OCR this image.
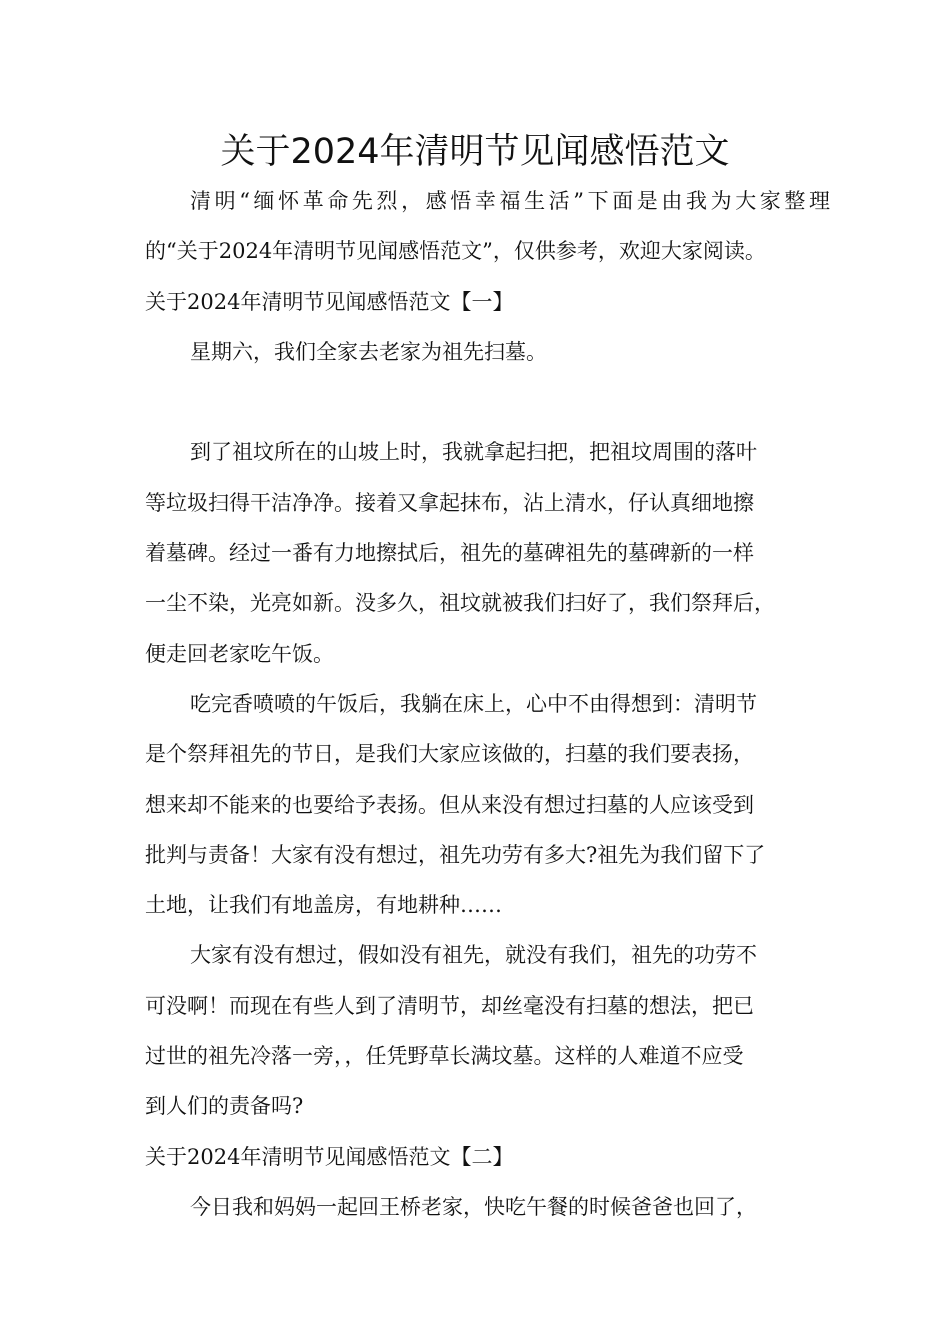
关于2024年清明节见闻感悟范文
清明“缅怀革命先烈，感悟幸福生活”下面是由我为大家整理
的“关于2024年清明节见闻感悟范文”，仅供参考，欢迎大家阅读。
关于2024年清明节见闻感悟范文【一】
星期六，我们全家去老家为祖先扫墓。
到了祖坟所在的山坡上时，我就拿起扫把，把祖坟周围的落叶
等垃圾扫得干洁净净。接着又拿起抹布，沾上清水，仔认真细地擦
着墓碑。经过一番有力地擦拭后，祖先的墓碑祖先的墓碑新的一样
一尘不染，光亮如新。没多久，祖坟就被我们扫好了，我们祭拜后，
便走回老家吃午饭。
吃完香喷喷的午饭后，我躺在床上，心中不由得想到：清明节
是个祭拜祖先的节日，是我们大家应该做的，扫墓的我们要表扬，
想来却不能来的也要给予表扬。但从来没有想过扫墓的人应该受到
批判与责备！大家有没有想过，祖先功劳有多大?祖先为我们留下了
土地，让我们有地盖房，有地耕种……
大家有没有想过，假如没有祖先，就没有我们，祖先的功劳不
可没啊！而现在有些人到了清明节，却丝毫没有扫墓的想法，把已
过世的祖先冷落一旁，，任凭野草长满坟墓。这样的人难道不应受
到人们的责备吗?
关于2024年清明节见闻感悟范文【二】
今日我和妈妈一起回王桥老家，快吃午餐的时候爸爸也回了，
